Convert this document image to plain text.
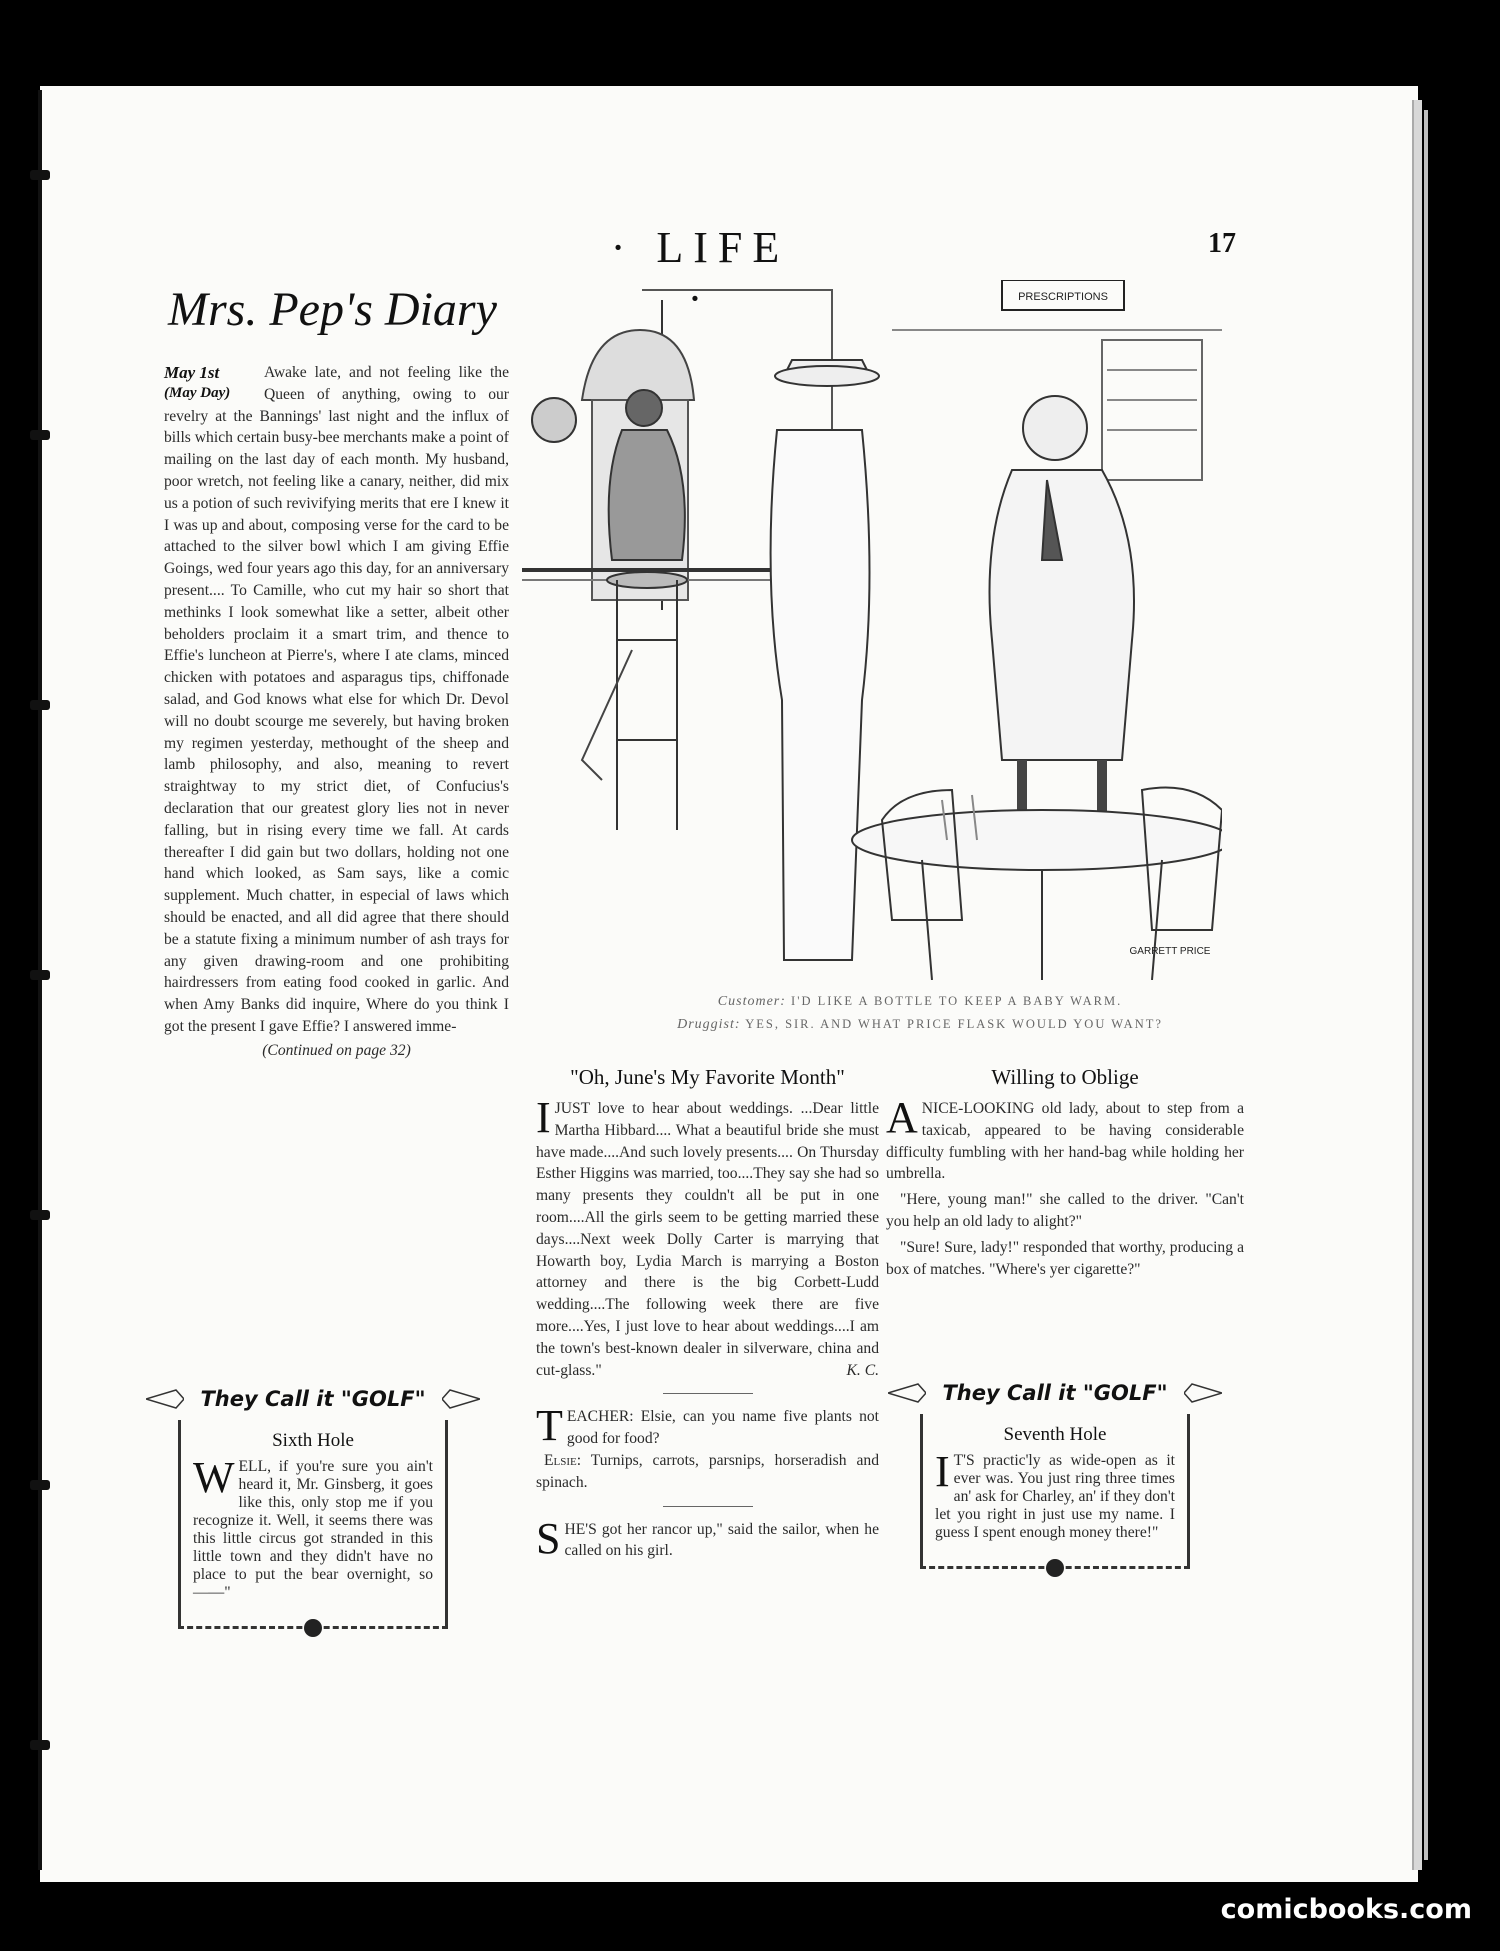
· LIFE ·
17
Mrs. Pep's Diary
May 1st
(May Day)
Awake late, and not feeling like the Queen of anything, owing to our revelry at the Bannings' last night and the influx of bills which certain busy-bee merchants make a point of mailing on the last day of each month. My husband, poor wretch, not feeling like a canary, neither, did mix us a potion of such revivifying merits that ere I knew it I was up and about, composing verse for the card to be attached to the silver bowl which I am giving Effie Goings, wed four years ago this day, for an anniversary present.... To Camille, who cut my hair so short that methinks I look somewhat like a setter, albeit other beholders proclaim it a smart trim, and thence to Effie's luncheon at Pierre's, where I ate clams, minced chicken with potatoes and asparagus tips, chiffonade salad, and God knows what else for which Dr. Devol will no doubt scourge me severely, but having broken my regimen yesterday, methought of the sheep and lamb philosophy, and also, meaning to revert straightway to my strict diet, of Confucius's declaration that our greatest glory lies not in never falling, but in rising every time we fall. At cards thereafter I did gain but two dollars, holding not one hand which looked, as Sam says, like a comic supplement. Much chatter, in especial of laws which should be enacted, and all did agree that there should be a statute fixing a minimum number of ash trays for any given drawing-room and one prohibiting hairdressers from eating food cooked in garlic. And when Amy Banks did inquire, Where do you think I got the present I gave Effie? I answered imme-
(Continued on page 32)
PRESCRIPTIONS
GARRETT PRICE
Customer: I'D LIKE A BOTTLE TO KEEP A BABY WARM.
Druggist: YES, SIR. AND WHAT PRICE FLASK WOULD YOU WANT?
"Oh, June's My Favorite Month"
I JUST love to hear about weddings. ...Dear little Martha Hibbard.... What a beautiful bride she must have made....And such lovely presents.... On Thursday Esther Higgins was married, too....They say she had so many presents they couldn't all be put in one room....All the girls seem to be getting married these days....Next week Dolly Carter is marrying that Howarth boy, Lydia March is marrying a Boston attorney and there is the big Corbett-Ludd wedding....The following week there are five more....Yes, I just love to hear about weddings....I am the town's best-known dealer in silverware, china and cut-glass."	K. C.
T EACHER: Elsie, can you name five plants not good for food?
Elsie: Turnips, carrots, parsnips, horseradish and spinach.
S HE'S got her rancor up," said the sailor, when he called on his girl.
Willing to Oblige
A NICE-LOOKING old lady, about to step from a taxicab, appeared to be having considerable difficulty fumbling with her hand-bag while holding her umbrella.
"Here, young man!" she called to the driver. "Can't you help an old lady to alight?"
"Sure! Sure, lady!" responded that worthy, producing a box of matches. "Where's yer cigarette?"
They Call it "GOLF"
Sixth Hole
W ELL, if you're sure you ain't heard it, Mr. Ginsberg, it goes like this, only stop me if you recognize it. Well, it seems there was this little circus got stranded in this little town and they didn't have no place to put the bear overnight, so——"
They Call it "GOLF"
Seventh Hole
I T'S practic'ly as wide-open as it ever was. You just ring three times an' ask for Charley, an' if they don't let you right in just use my name. I guess I spent enough money there!"
comicbooks.com
